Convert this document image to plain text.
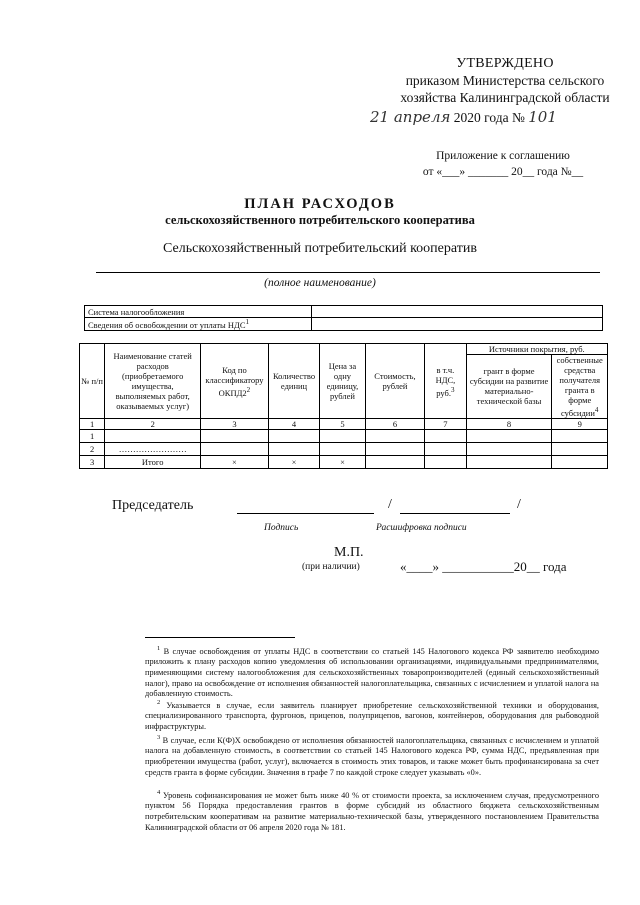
УТВЕРЖДЕНО
приказом Министерства сельского
хозяйства Калининградской области
21 апреля 2020 года № 101
Приложение к соглашению
от «___» _______ 20__ года №__
ПЛАН РАСХОДОВ
сельскохозяйственного потребительского кооператива
Сельскохозяйственный потребительский кооператив
(полное наименование)
Система налогообложения	
Сведения об освобождении от уплаты НДС$^1$	
№ п/п	Наименование статей расходов (приобретаемого имущества, выполняемых работ, оказываемых услуг)	Код по классификатору $ОКПД2^2$	Количество единиц	Цена за одну единицу, рублей	Стоимость, рублей	в т.ч. НДС, руб.$^3$	Источники покрытия, руб.	
							грант в форме субсидии на развитие материально-технической базы	собственные средства получателя гранта в форме субсидии$^4$
1	2	3	4	5	6	7	8	9
1								
2	……………………							
3	Итого	×	×	×				
Председатель	/	/
Подпись	Расшифровка подписи
М.П.
(при наличии)	«____» ___________20__ года
$^1$ В случае освобождения от уплаты НДС в соответствии со статьей 145 Налогового кодекса РФ заявителю необходимо приложить к плану расходов копию уведомления об использовании организациями, индивидуальными предпринимателями, применяющими систему налогообложения для сельскохозяйственных товаропроизводителей (единый сельскохозяйственный налог), право на освобождение от исполнения обязанностей налогоплательщика, связанных с исчислением и уплатой налога на добавленную стоимость.
$^2$ Указывается в случае, если заявитель планирует приобретение сельскохозяйственной техники и оборудования, специализированного транспорта, фургонов, прицепов, полуприцепов, вагонов, контейнеров, оборудования для рыбоводной инфраструктуры.
$^3$ В случае, если К(Ф)Х освобождено от исполнения обязанностей налогоплательщика, связанных с исчислением и уплатой налога на добавленную стоимость, в соответствии со статьей 145 Налогового кодекса РФ, сумма НДС, предъявленная при приобретении имущества (работ, услуг), включается в стоимость этих товаров, и также может быть профинансирована за счет средств гранта в форме субсидии. Значения в графе 7 по каждой строке следует указывать «0».
$^4$ Уровень софинансирования не может быть ниже 40 % от стоимости проекта, за исключением случая, предусмотренного пунктом 56 Порядка предоставления грантов в форме субсидий из областного бюджета сельскохозяйственным потребительским кооперативам на развитие материально-технической базы, утвержденного постановлением Правительства Калининградской области от 06 апреля 2020 года № 181.
